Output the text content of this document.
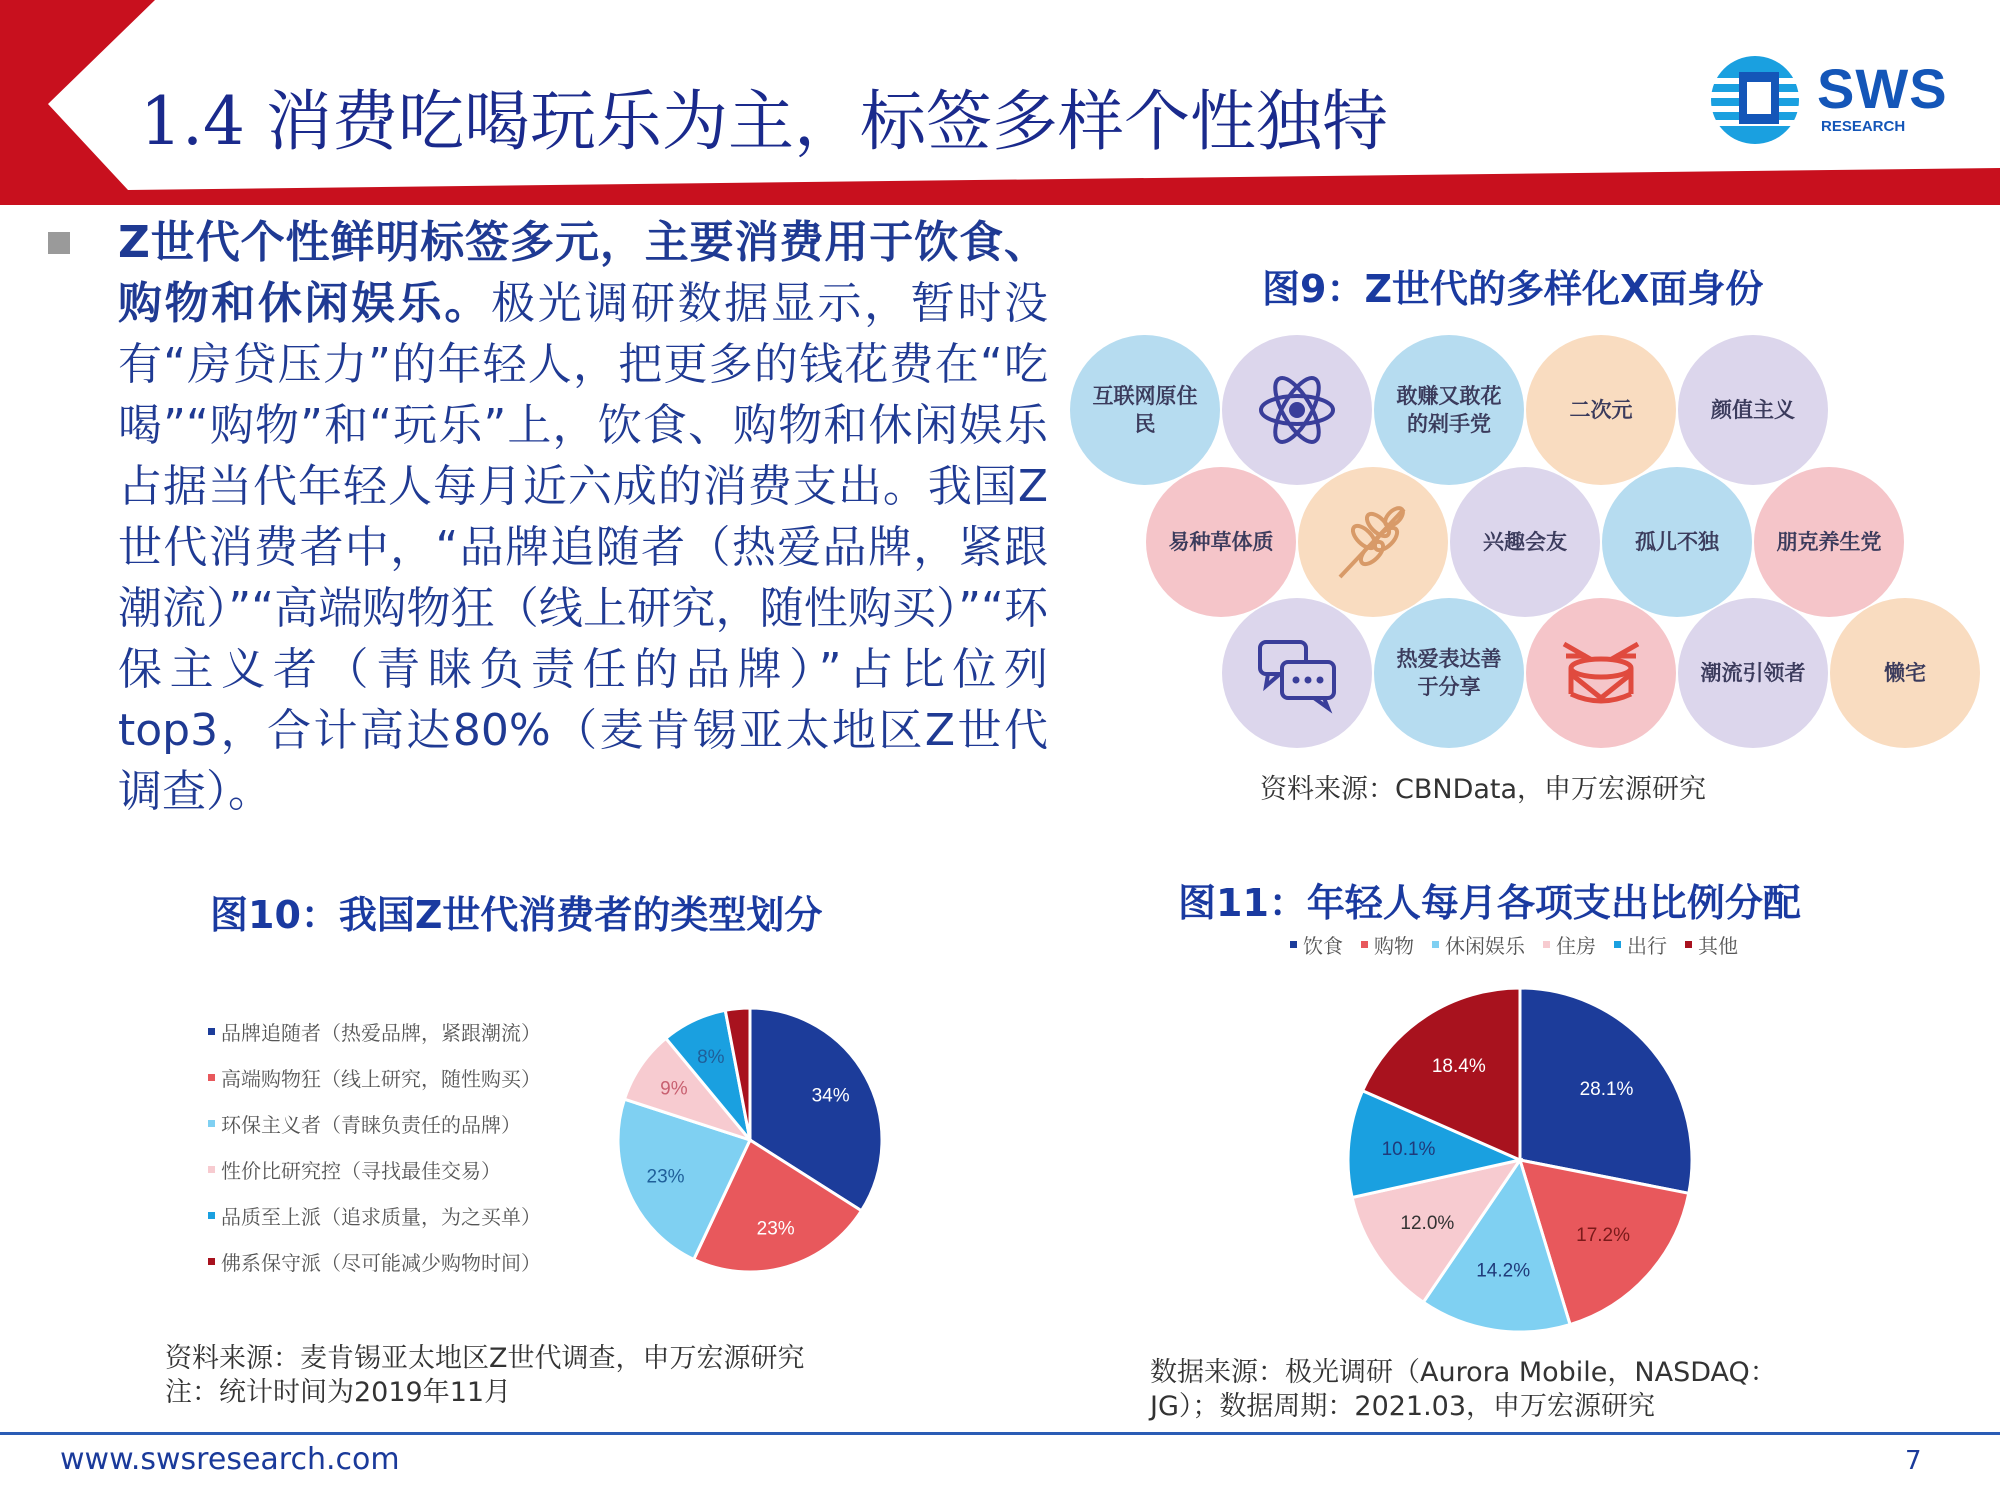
1.4 消费吃喝玩乐为主，标签多样个性独特	SWS
RESEARCH
Z世代个性鲜明标签多元，主要消费用于饮食、购物和休闲娱乐。极光调研数据显示，暂时没有“房贷压力”的年轻人，把更多的钱花费在“吃喝”“购物”和“玩乐”上，饮食、购物和休闲娱乐占据当代年轻人每月近六成的消费支出。我国Z世代消费者中，“品牌追随者（热爱品牌，紧跟潮流）”“高端购物狂（线上研究，随性购买）”“环保主义者（青睐负责任的品牌）”占比位列top3，合计高达80%（麦肯锡亚太地区Z世代调查）。
图9：Z世代的多样化X面身份
互联网原住民
敢赚又敢花的剁手党
二次元	颜值主义
易种草体质	兴趣会友	孤儿不独	朋克养生党
热爱表达善于分享
潮流引领者	懒宅
资料来源：CBNData，申万宏源研究
图10：我国Z世代消费者的类型划分
品牌追随者（热爱品牌，紧跟潮流）
高端购物狂（线上研究，随性购买）
环保主义者（青睐负责任的品牌）
性价比研究控（寻找最佳交易）
品质至上派（追求质量，为之买单）
佛系保守派（尽可能减少购物时间）
34%
23%
23%
9%
8%
资料来源：麦肯锡亚太地区Z世代调查，申万宏源研究
注：统计时间为2019年11月
图11：年轻人每月各项支出比例分配
饮食 购物 休闲娱乐 住房 出行 其他
28.1%
17.2%
14.2%
12.0%
10.1%
18.4%
数据来源：极光调研（Aurora Mobile，NASDAQ：
JG）；数据周期：2021.03，申万宏源研究
www.swsresearch.com	7
